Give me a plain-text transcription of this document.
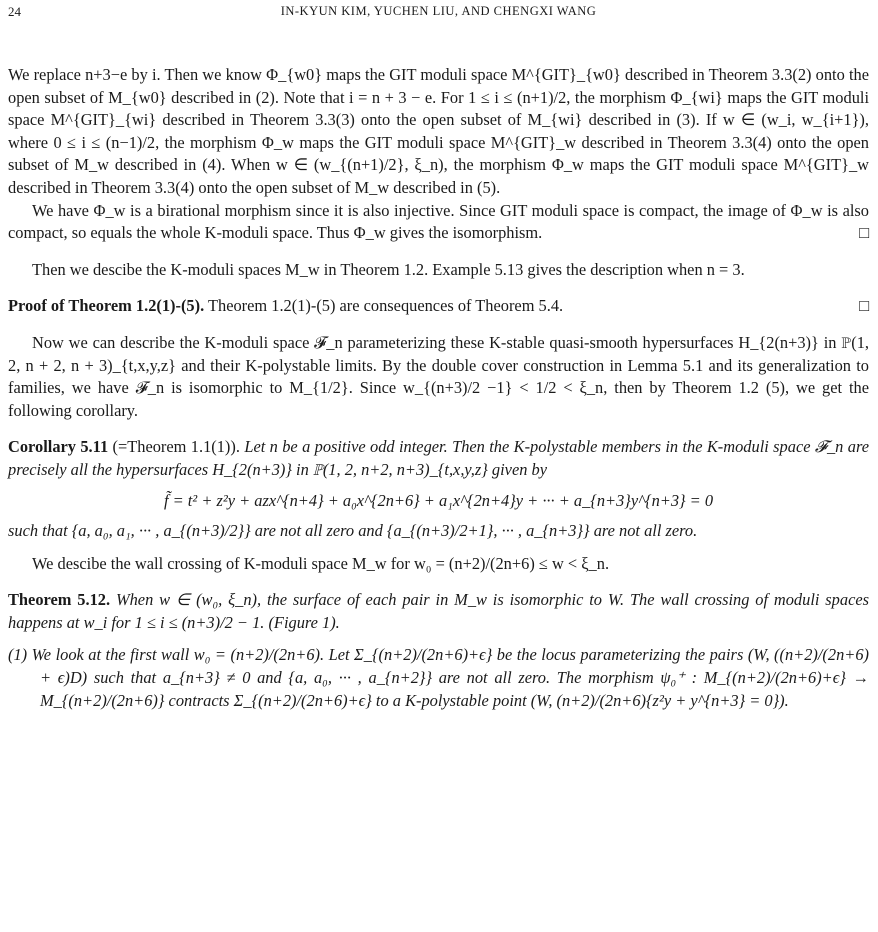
24	IN-KYUN KIM, YUCHEN LIU, AND CHENGXI WANG

We replace n+3−e by i. Then we know Φ_{w0} maps the GIT moduli space M^{GIT}_{w0} described in Theorem 3.3(2) onto the open subset of M_{w0} described in (2). Note that i = n + 3 − e. For 1 ≤ i ≤ (n+1)/2, the morphism Φ_{wi} maps the GIT moduli space M^{GIT}_{wi} described in Theorem 3.3(3) onto the open subset of M_{wi} described in (3). If w ∈ (w_i, w_{i+1}), where 0 ≤ i ≤ (n−1)/2, the morphism Φ_w maps the GIT moduli space M^{GIT}_w described in Theorem 3.3(4) onto the open subset of M_w described in (4). When w ∈ (w_{(n+1)/2}, ξ_n), the morphism Φ_w maps the GIT moduli space M^{GIT}_w described in Theorem 3.3(4) onto the open subset of M_w described in (5).

We have Φ_w is a birational morphism since it is also injective. Since GIT moduli space is compact, the image of Φ_w is also compact, so equals the whole K-moduli space. Thus Φ_w gives the isomorphism.	□

Then we descibe the K-moduli spaces M_w in Theorem 1.2. Example 5.13 gives the description when n = 3.

Proof of Theorem 1.2(1)-(5). Theorem 1.2(1)-(5) are consequences of Theorem 5.4.	□

Now we can describe the K-moduli space 𝓕_n parameterizing these K-stable quasi-smooth hypersurfaces H_{2(n+3)} in ℙ(1, 2, n + 2, n + 3)_{t,x,y,z} and their K-polystable limits. By the double cover construction in Lemma 5.1 and its generalization to families, we have 𝓕_n is isomorphic to M_{1/2}. Since w_{(n+3)/2 −1} < 1/2 < ξ_n, then by Theorem 1.2 (5), we get the following corollary.

Corollary 5.11 (=Theorem 1.1(1)). Let n be a positive odd integer. Then the K-polystable members in the K-moduli space 𝓕_n are precisely all the hypersurfaces H_{2(n+3)} in ℙ(1, 2, n+2, n+3)_{t,x,y,z} given by

f̃ = t² + z²y + azx^{n+4} + a₀x^{2n+6} + a₁x^{2n+4}y + ··· + a_{n+3}y^{n+3} = 0

such that {a, a₀, a₁, ··· , a_{(n+3)/2}} are not all zero and {a_{(n+3)/2+1}, ··· , a_{n+3}} are not all zero.

We descibe the wall crossing of K-moduli space M_w for w₀ = (n+2)/(2n+6) ≤ w < ξ_n.

Theorem 5.12. When w ∈ (w₀, ξ_n), the surface of each pair in M_w is isomorphic to W. The wall crossing of moduli spaces happens at w_i for 1 ≤ i ≤ (n+3)/2 − 1. (Figure 1).

(1) We look at the first wall w₀ = (n+2)/(2n+6). Let Σ_{(n+2)/(2n+6)+ϵ} be the locus parameterizing the pairs (W, ((n+2)/(2n+6) + ϵ)D) such that a_{n+3} ≠ 0 and {a, a₀, ··· , a_{n+2}} are not all zero. The morphism ψ₀⁺ : M_{(n+2)/(2n+6)+ϵ} → M_{(n+2)/(2n+6)} contracts Σ_{(n+2)/(2n+6)+ϵ} to a K-polystable point (W, (n+2)/(2n+6){z²y + y^{n+3} = 0}).
